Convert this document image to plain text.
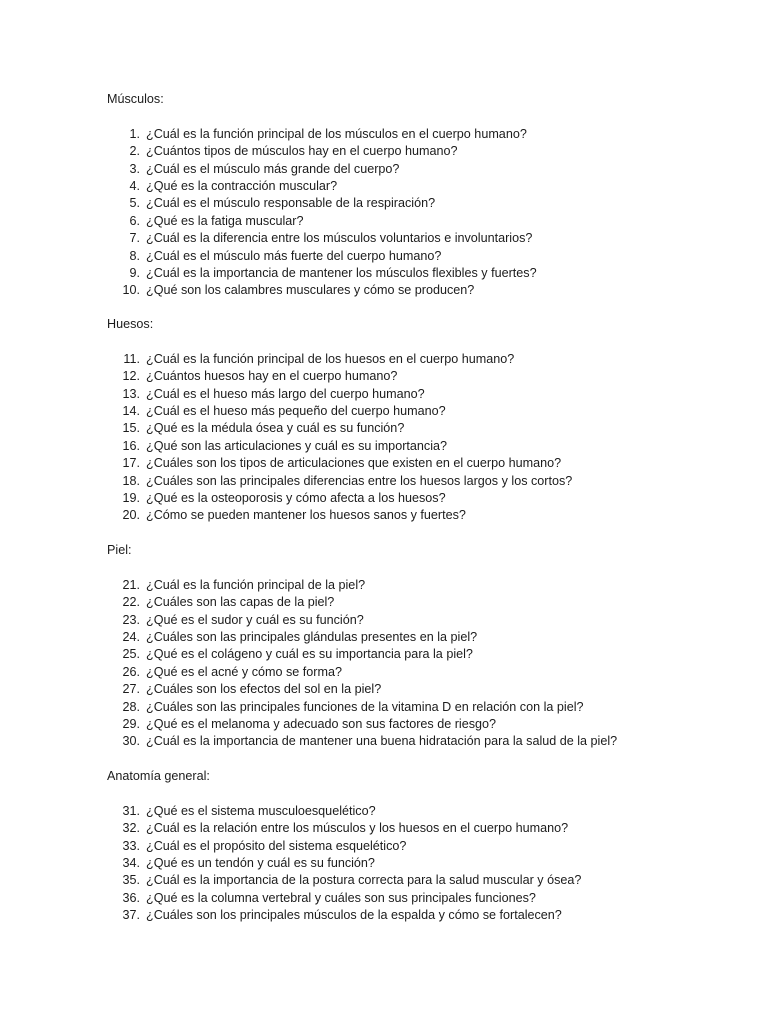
Músculos:
1. ¿Cuál es la función principal de los músculos en el cuerpo humano?
2. ¿Cuántos tipos de músculos hay en el cuerpo humano?
3. ¿Cuál es el músculo más grande del cuerpo?
4. ¿Qué es la contracción muscular?
5. ¿Cuál es el músculo responsable de la respiración?
6. ¿Qué es la fatiga muscular?
7. ¿Cuál es la diferencia entre los músculos voluntarios e involuntarios?
8. ¿Cuál es el músculo más fuerte del cuerpo humano?
9. ¿Cuál es la importancia de mantener los músculos flexibles y fuertes?
10. ¿Qué son los calambres musculares y cómo se producen?
Huesos:
11. ¿Cuál es la función principal de los huesos en el cuerpo humano?
12. ¿Cuántos huesos hay en el cuerpo humano?
13. ¿Cuál es el hueso más largo del cuerpo humano?
14. ¿Cuál es el hueso más pequeño del cuerpo humano?
15. ¿Qué es la médula ósea y cuál es su función?
16. ¿Qué son las articulaciones y cuál es su importancia?
17. ¿Cuáles son los tipos de articulaciones que existen en el cuerpo humano?
18. ¿Cuáles son las principales diferencias entre los huesos largos y los cortos?
19. ¿Qué es la osteoporosis y cómo afecta a los huesos?
20. ¿Cómo se pueden mantener los huesos sanos y fuertes?
Piel:
21. ¿Cuál es la función principal de la piel?
22. ¿Cuáles son las capas de la piel?
23. ¿Qué es el sudor y cuál es su función?
24. ¿Cuáles son las principales glándulas presentes en la piel?
25. ¿Qué es el colágeno y cuál es su importancia para la piel?
26. ¿Qué es el acné y cómo se forma?
27. ¿Cuáles son los efectos del sol en la piel?
28. ¿Cuáles son las principales funciones de la vitamina D en relación con la piel?
29. ¿Qué es el melanoma y adecuado son sus factores de riesgo?
30. ¿Cuál es la importancia de mantener una buena hidratación para la salud de la piel?
Anatomía general:
31. ¿Qué es el sistema musculoesquelético?
32. ¿Cuál es la relación entre los músculos y los huesos en el cuerpo humano?
33. ¿Cuál es el propósito del sistema esquelético?
34. ¿Qué es un tendón y cuál es su función?
35. ¿Cuál es la importancia de la postura correcta para la salud muscular y ósea?
36. ¿Qué es la columna vertebral y cuáles son sus principales funciones?
37. ¿Cuáles son los principales músculos de la espalda y cómo se fortalecen?
